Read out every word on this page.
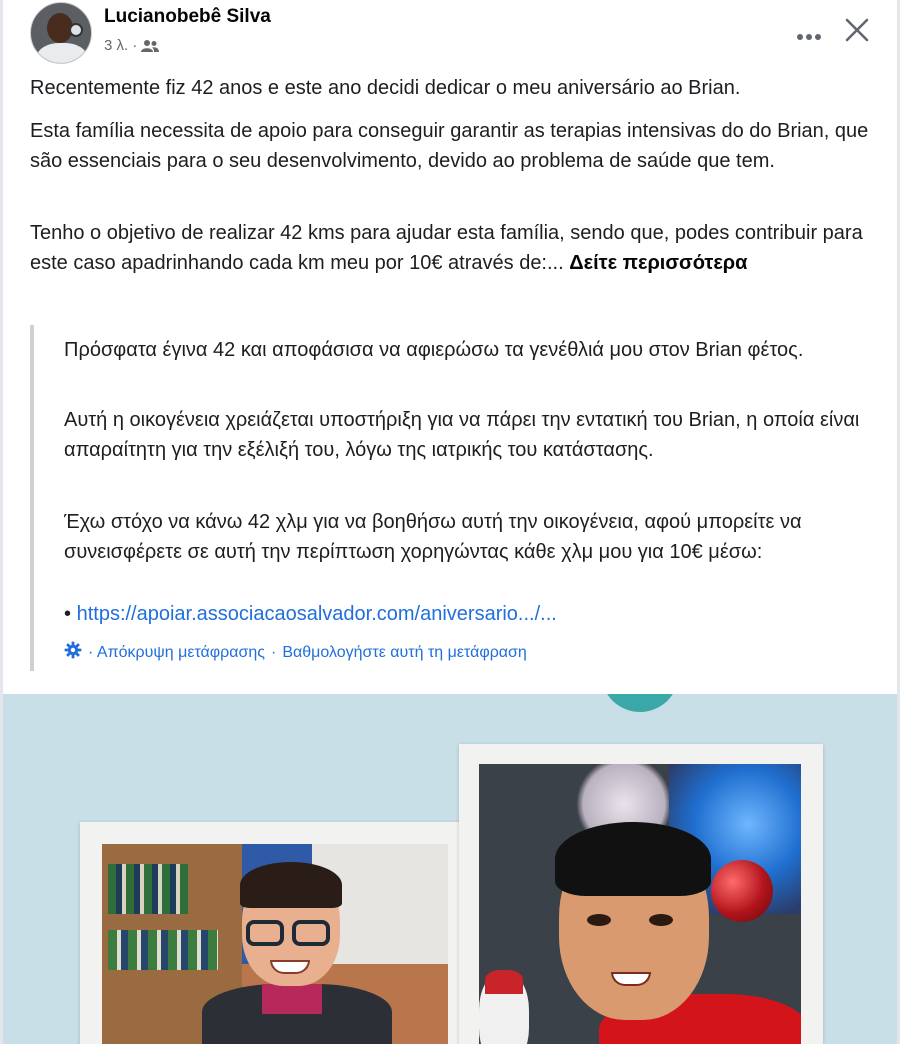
Lucianobebê Silva
3 λ. ·
Recentemente fiz 42 anos e este ano decidi dedicar o meu aniversário ao Brian.
Esta família necessita de apoio para conseguir garantir as terapias intensivas do do Brian, que são essenciais para o seu desenvolvimento, devido ao problema de saúde que tem.
Tenho o objetivo de realizar 42 kms para ajudar esta família, sendo que, podes contribuir para este caso apadrinhando cada km meu por 10€ através de:... Δείτε περισσότερα
Πρόσφατα έγινα 42 και αποφάσισα να αφιερώσω τα γενέθλιά μου στον Brian φέτος.
Αυτή η οικογένεια χρειάζεται υποστήριξη για να πάρει την εντατική του Brian, η οποία είναι απαραίτητη για την εξέλιξή του, λόγω της ιατρικής του κατάστασης.
Έχω στόχο να κάνω 42 χλμ για να βοηθήσω αυτή την οικογένεια, αφού μπορείτε να συνεισφέρετε σε αυτή την περίπτωση χορηγώντας κάθε χλμ μου για 10€ μέσω:
• https://apoiar.associacaosalvador.com/aniversario.../...
· Απόκρυψη μετάφρασης · Βαθμολογήστε αυτή τη μετάφραση
